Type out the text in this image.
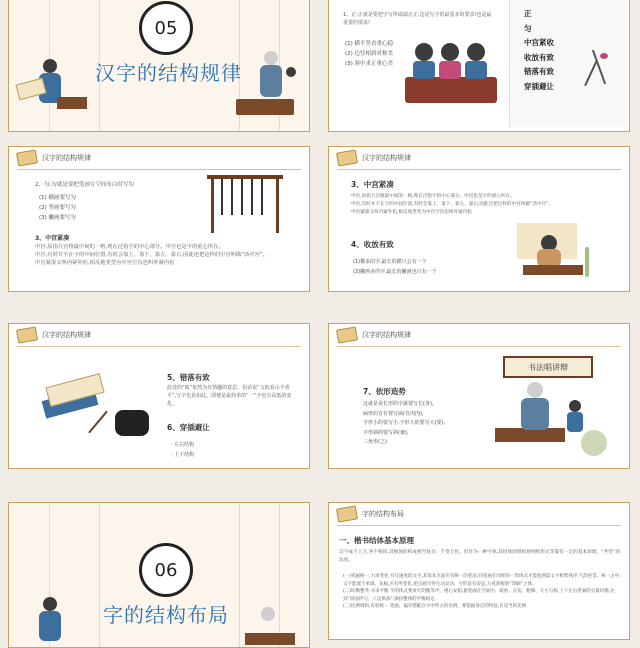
05
汉字的结构规律
1、正:正就是要把字写得端端正正,这是写字的最基本的要求!也是最重要的要求!
(1) 横平竖直重心稳
(2) 边竖相斜对称美
(3) 斜中求正重心美
正
匀
中宫紧收
收放有致
错落有致
穿插避让
汉字的结构规律
2、匀:匀就是要把笔画在空间布白时写均
(1) 横画要写匀
(2) 竖画要写匀
(3) 撇画要写匀
3、中宫紧凑
中宫,原指九宫格最中间的一格,现在泛指字的中心部分。中宫也是字的重心所在。
中宫,有时并不在字的中间位置,有时会靠上、靠下、靠左、靠右,因此还把这样的中宫叫做“活中宫”。
中宫紧凑又叫内紧外松,相反地类型为中宫空泻也叫外紧内松
汉字的结构规律
3、中宫紧凑
中宫,原指九宫格最中间的一格,现在泛指字的中心部分。中宫也是字的重心所在。
中宫,有时并不在字的中间位置,有时会靠上、靠下、靠左、靠右,因此还把这样的中宫叫做“活中宫”。
中宫紧凑又叫内紧外松,相反地类型为中宫空泻也叫外紧内松
4、收放有致
(1)横多的字,最长的横只会有一个
(2)撇画多的字,最长的撇画也只有一个
汉字的结构规律
5、错落有致
此处的“致”依然为有情趣的意思。俗话说“文似看山不喜平”,写字也是如此。即便是最简单的“一”字也有高低的变化。
6、穿插避让
· 左右结构
· 上下结构
汉字的结构规律
书法唱讲辩
7、依形造势
这就是说长形的字就要写长(身),
扁形的自有要写扁(自肉内),
字形小的要写小,字形大的要写大(要),
字形斜的要写斜(兼),
三角形(之)
06
字的结构布局
字的结构布局
一、楷书结体基本原理
汉字成千上万,各不相同,其独体的构成相当复杂、千变万化。但作为一种字体,其结体的组织规则和形式等都有一定的基本原理、“共性”的法度。
(一)笔画统一,力求变化 书写速度较文字,其基本点面在有统一的笔法;同笔画在同样的一形体式才能使满篇文字和势熟序,气韵连贯。统一之中,又不能流于单调、呆板,应有所变化,把点画写得生动灵动、字形富有姿态,力戒刻板的“印刷”之体。
(二)均衡整齐,寻求平衡 字的体式要讲究均衡等声、重心安稳,使笔画在空间中、疏密、长短、粗细、大小匀称,上下左右笔画的分量均衡,达到“四面停匀、八边俱备”,保持整体的平衡稳定。
(三)比例调和,有机统一 笔画、偏旁搭配在字中所占的比例、要依据各自的特征,在适当的比例
